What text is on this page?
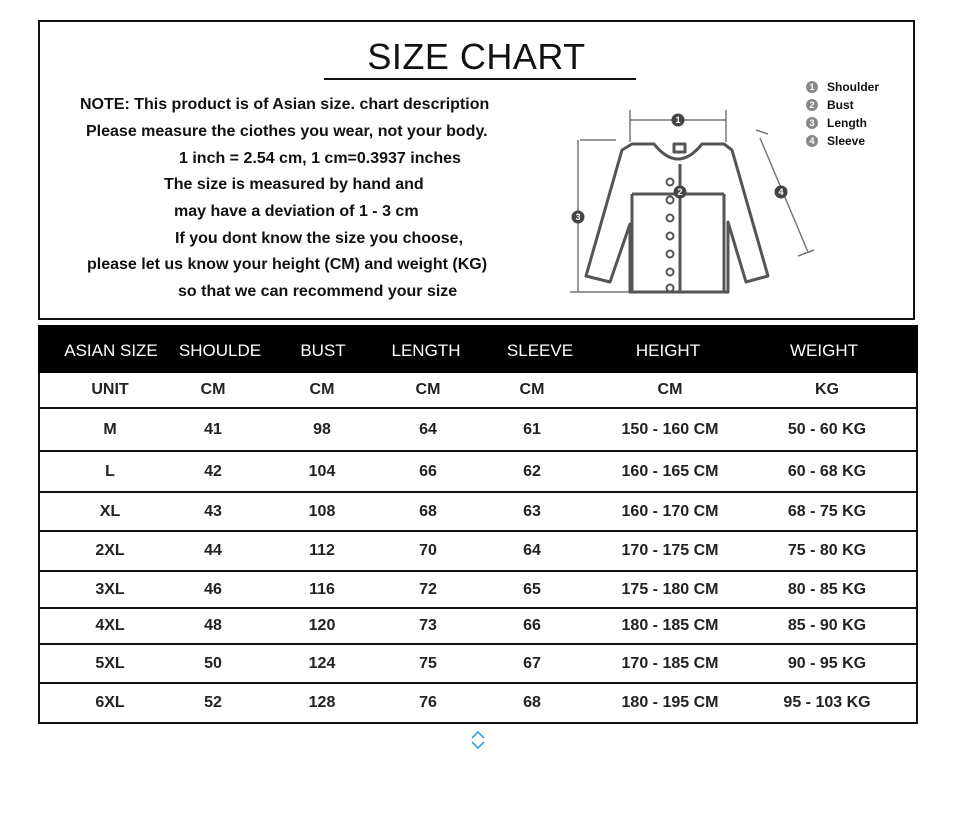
SIZE CHART
NOTE: This product is of Asian size. chart description
Please measure the ciothes you wear, not your body.
1 inch = 2.54 cm, 1 cm=0.3937 inches
The size is measured by hand and
may have a deviation of 1 - 3 cm
If you dont know the size you choose,
please let us know your height (CM) and weight (KG)
so that we can recommend your size
1
2
3
4
1 Shoulder
2 Bust
3 Length
4 Sleeve
ASIAN SIZE	SHOULDE	BUST	LENGTH	SLEEVE	HEIGHT	WEIGHT
UNIT	CM	CM	CM	CM	CM	KG
M	41	98	64	61	150 - 160 CM	50 - 60 KG
L	42	104	66	62	160 - 165 CM	60 - 68 KG
XL	43	108	68	63	160 - 170 CM	68 - 75 KG
2XL	44	112	70	64	170 - 175 CM	75 - 80 KG
3XL	46	116	72	65	175 - 180 CM	80 - 85 KG
4XL	48	120	73	66	180 - 185 CM	85 - 90 KG
5XL	50	124	75	67	170 - 185 CM	90 - 95 KG
6XL	52	128	76	68	180 - 195 CM	95 - 103 KG
